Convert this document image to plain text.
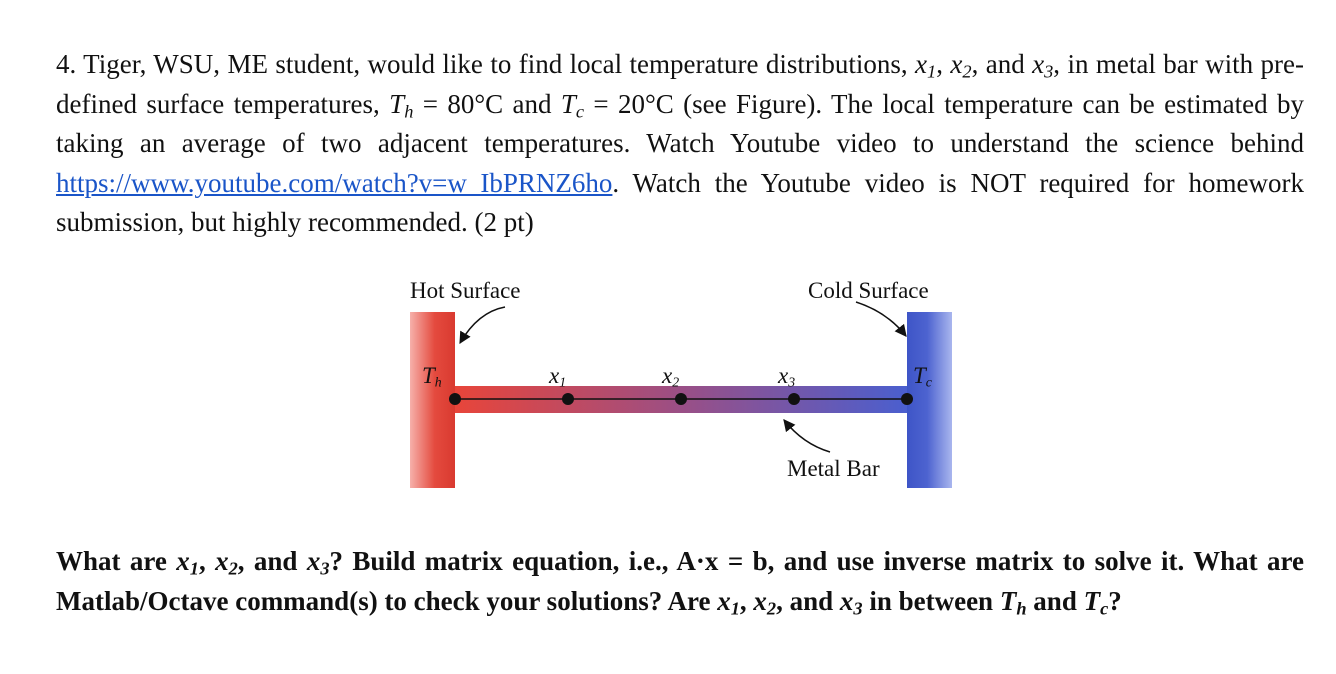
4. Tiger, WSU, ME student, would like to find local temperature distributions, $x_1$, $x_2$, and $x_3$, in metal bar with pre-defined surface temperatures, $T_h = 80^\circ C$ and $T_c = 20^\circ C$ (see Figure). The local temperature can be estimated by taking an average of two adjacent temperatures. Watch Youtube video to understand the science behind https://www.youtube.com/watch?v=w_IbPRNZ6ho. Watch the Youtube video is NOT required for homework submission, but highly recommended. (2 pt)

Hot Surface	Cold Surface
Metal Bar
$T_h$	$x_1$	$x_2$	$x_3$	$T_c$

What are $x_1$, $x_2$, and $x_3$? Build matrix equation, i.e., A·x = b, and use inverse matrix to solve it. What are Matlab/Octave command(s) to check your solutions? Are $x_1$, $x_2$, and $x_3$ in between $T_h$ and $T_c$?
